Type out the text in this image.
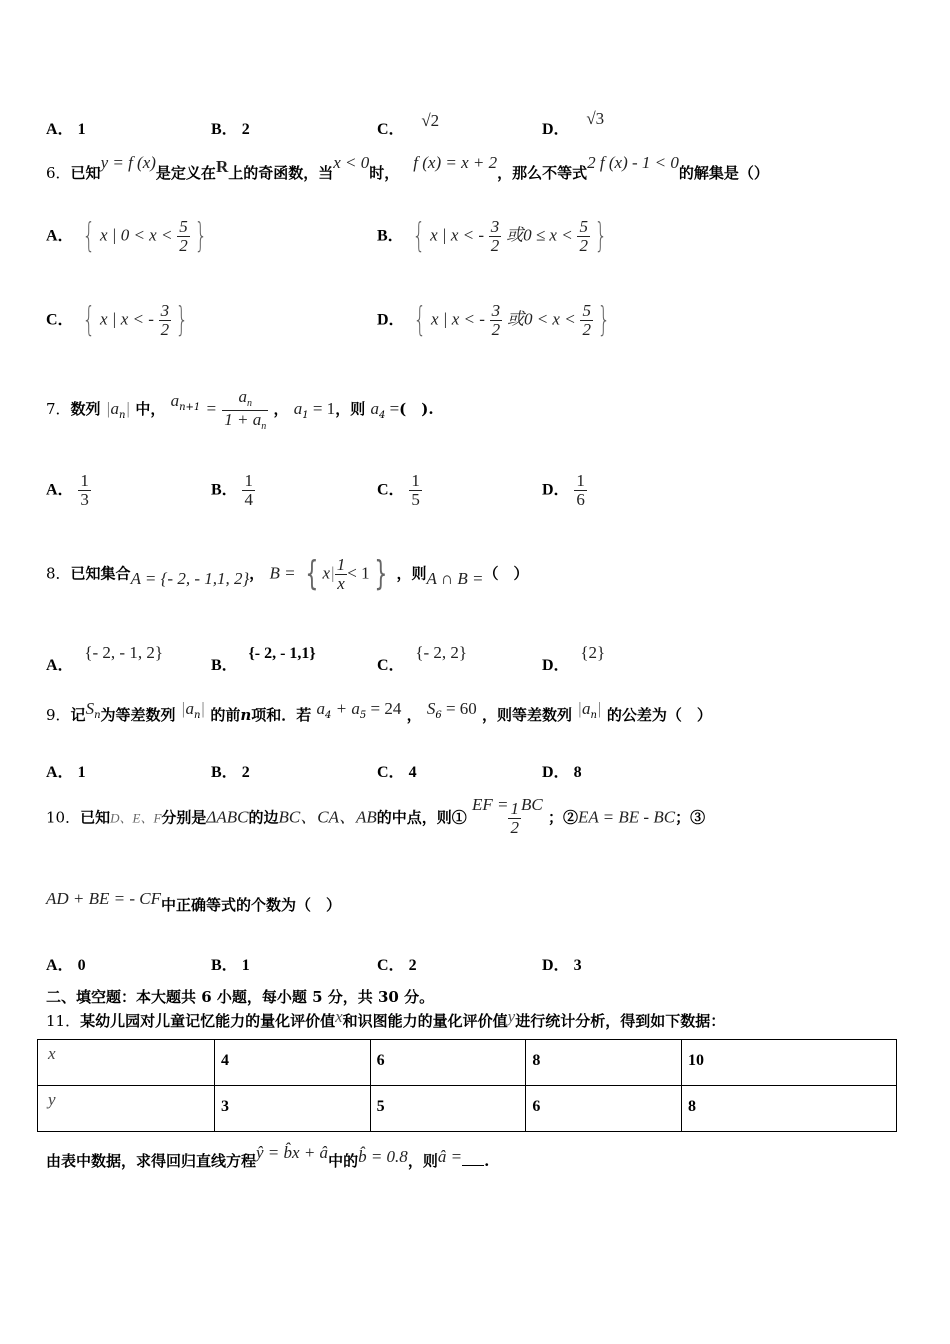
A． 1	B． 2	C． √2	D． √3
6．已知y = f (x)是定义在R上的奇函数，当x < 0时，f (x) = x + 2，那么不等式2 f (x) - 1 < 0的解集是（）
A． { x | $0 < x < \frac{5}{2}$ }	B． { x | x < - $\frac{3}{2}$ 或$0 \le x < \frac{5}{2}$ }
C． { x | x < - $\frac{3}{2}$ }	D． { x | x < - $\frac{3}{2}$ 或$0 < x < \frac{5}{2}$ }
7．数列 $|a_n|$ 中， $a^{n+1} = \frac{a_n}{1 + a_n}$ ， $a_1 = 1$，则 $a_4$ =(　).
A． $\frac{1}{3}$	B． $\frac{1}{4}$	C． $\frac{1}{5}$	D． $\frac{1}{6}$
8．已知集合A = {- 2, - 1,1, 2}， B = { $x| \frac{1}{x} < 1$ } ，则A ∩ B =（　）
A． {- 2, - 1, 2}
B． {- 2, - 1,1}
C． {- 2, 2}
D． {2}
9．记$S_n$为等差数列 $|a_n|$ 的前n项和．若 $a_4 + a_5 = 24$ ， $S_6 = 60$ ，则等差数列 $|a_n|$ 的公差为（　）
A． 1	B． 2	C． 4	D． 8
10．已知D、E、F分别是ΔABC的边BC、CA、AB的中点，则① EF = $\frac{1}{2}$ BC ；②EA = BE - BC；③
AD + BE = - CF中正确等式的个数为（　）
A． 0	B． 1	C． 2	D． 3
二、填空题：本大题共 6 小题，每小题 5 分，共 30 分。
11．某幼儿园对儿童记忆能力的量化评价值x和识图能力的量化评价值y进行统计分析，得到如下数据：
x	4	6	8	10
y	3	5	6	8
由表中数据，求得回归直线方程ŷ = b̂x + â中的b̂ = 0.8，则â = .
